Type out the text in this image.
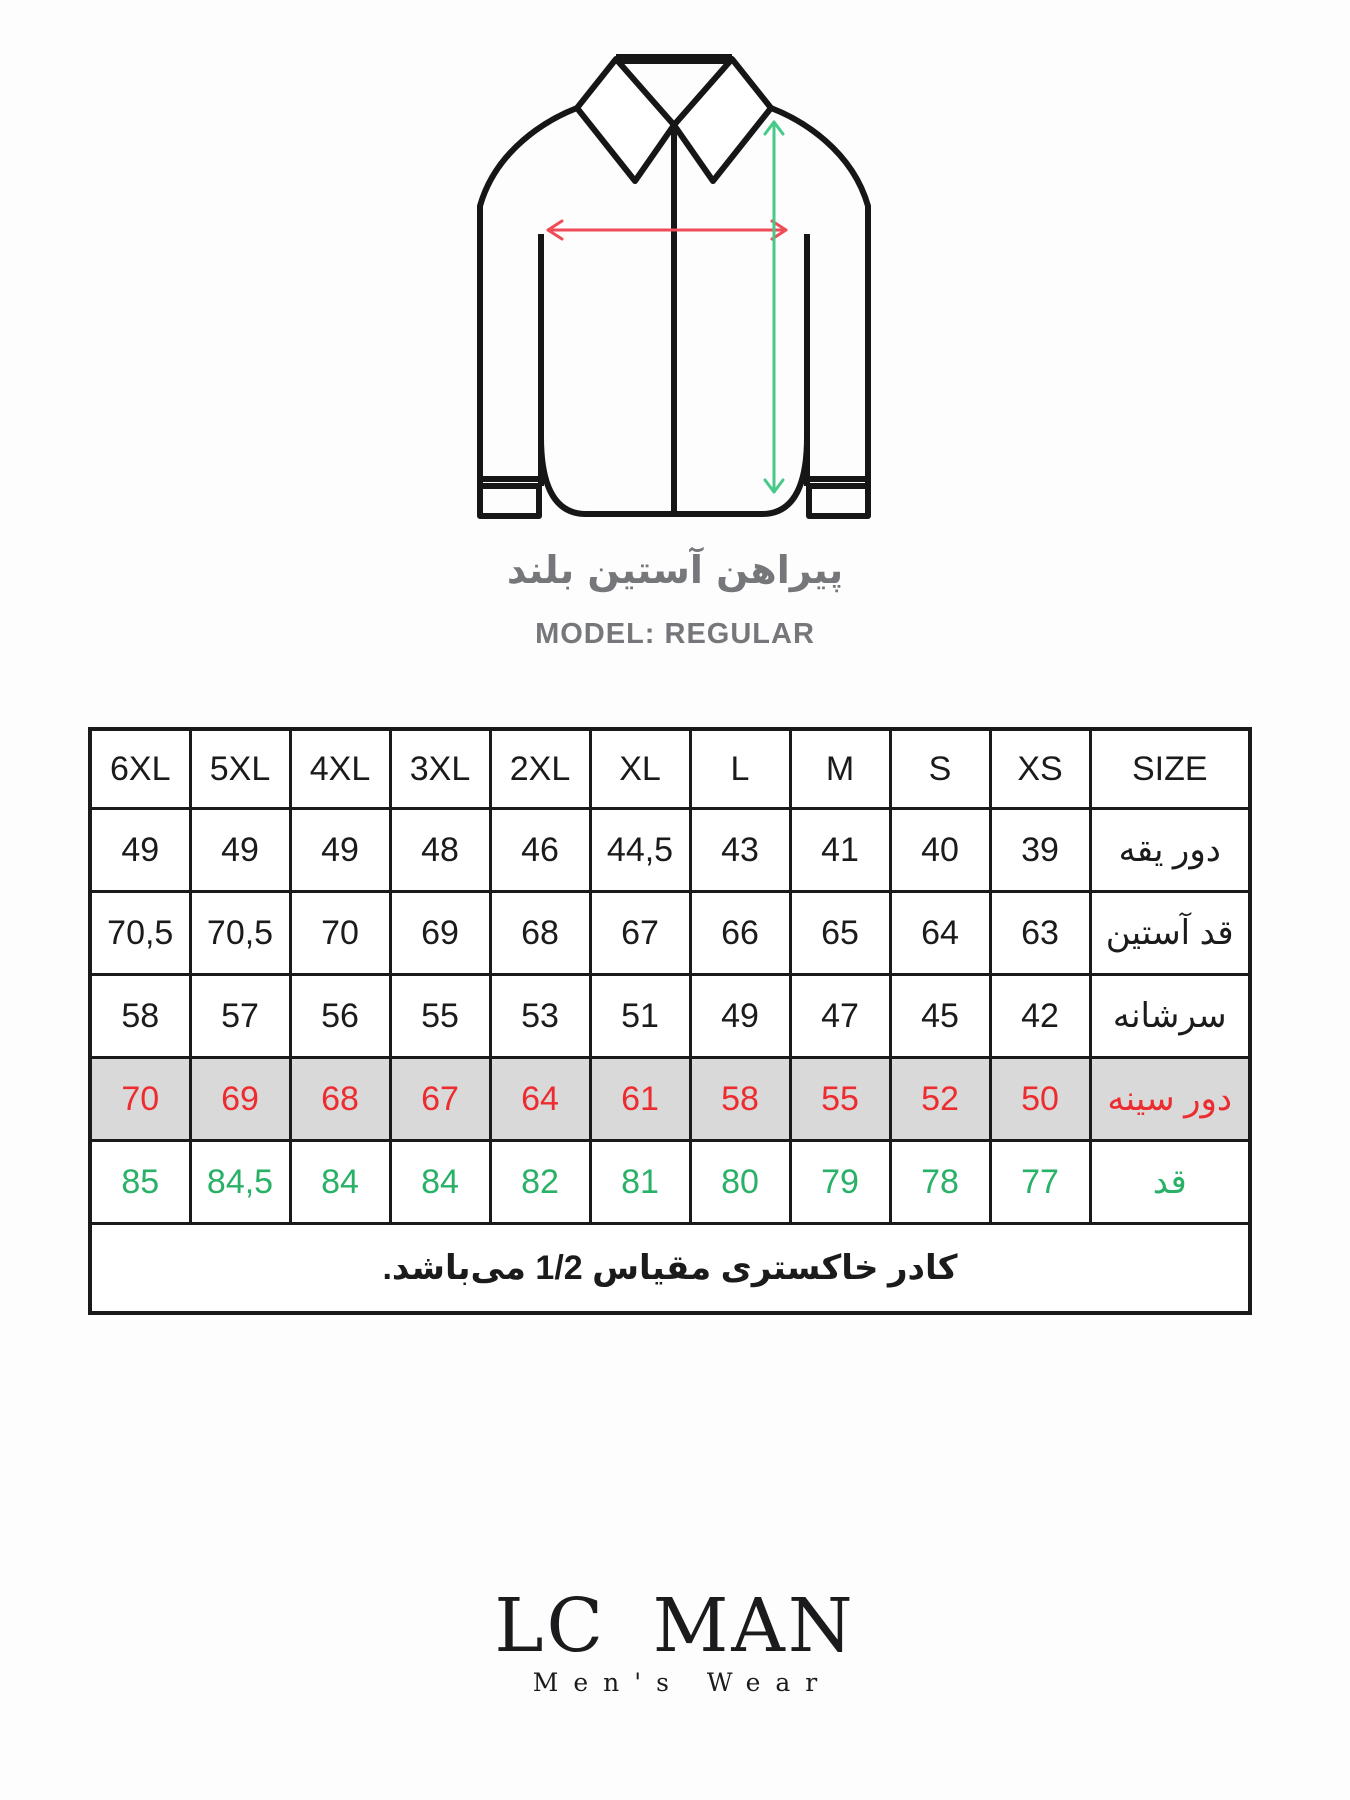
پیراهن آستین بلند
MODEL: REGULAR
6XL	5XL	4XL	3XL	2XL	XL	L	M	S	XS	SIZE
49	49	49	48	46	44,5	43	41	40	39	دور یقه
70,5	70,5	70	69	68	67	66	65	64	63	قد آستین
58	57	56	55	53	51	49	47	45	42	سرشانه
70	69	68	67	64	61	58	55	52	50	دور سینه
85	84,5	84	84	82	81	80	79	78	77	قد
کادر خاکستری مقیاس 1/2 می‌باشد.										
LC MAN
Men's Wear
